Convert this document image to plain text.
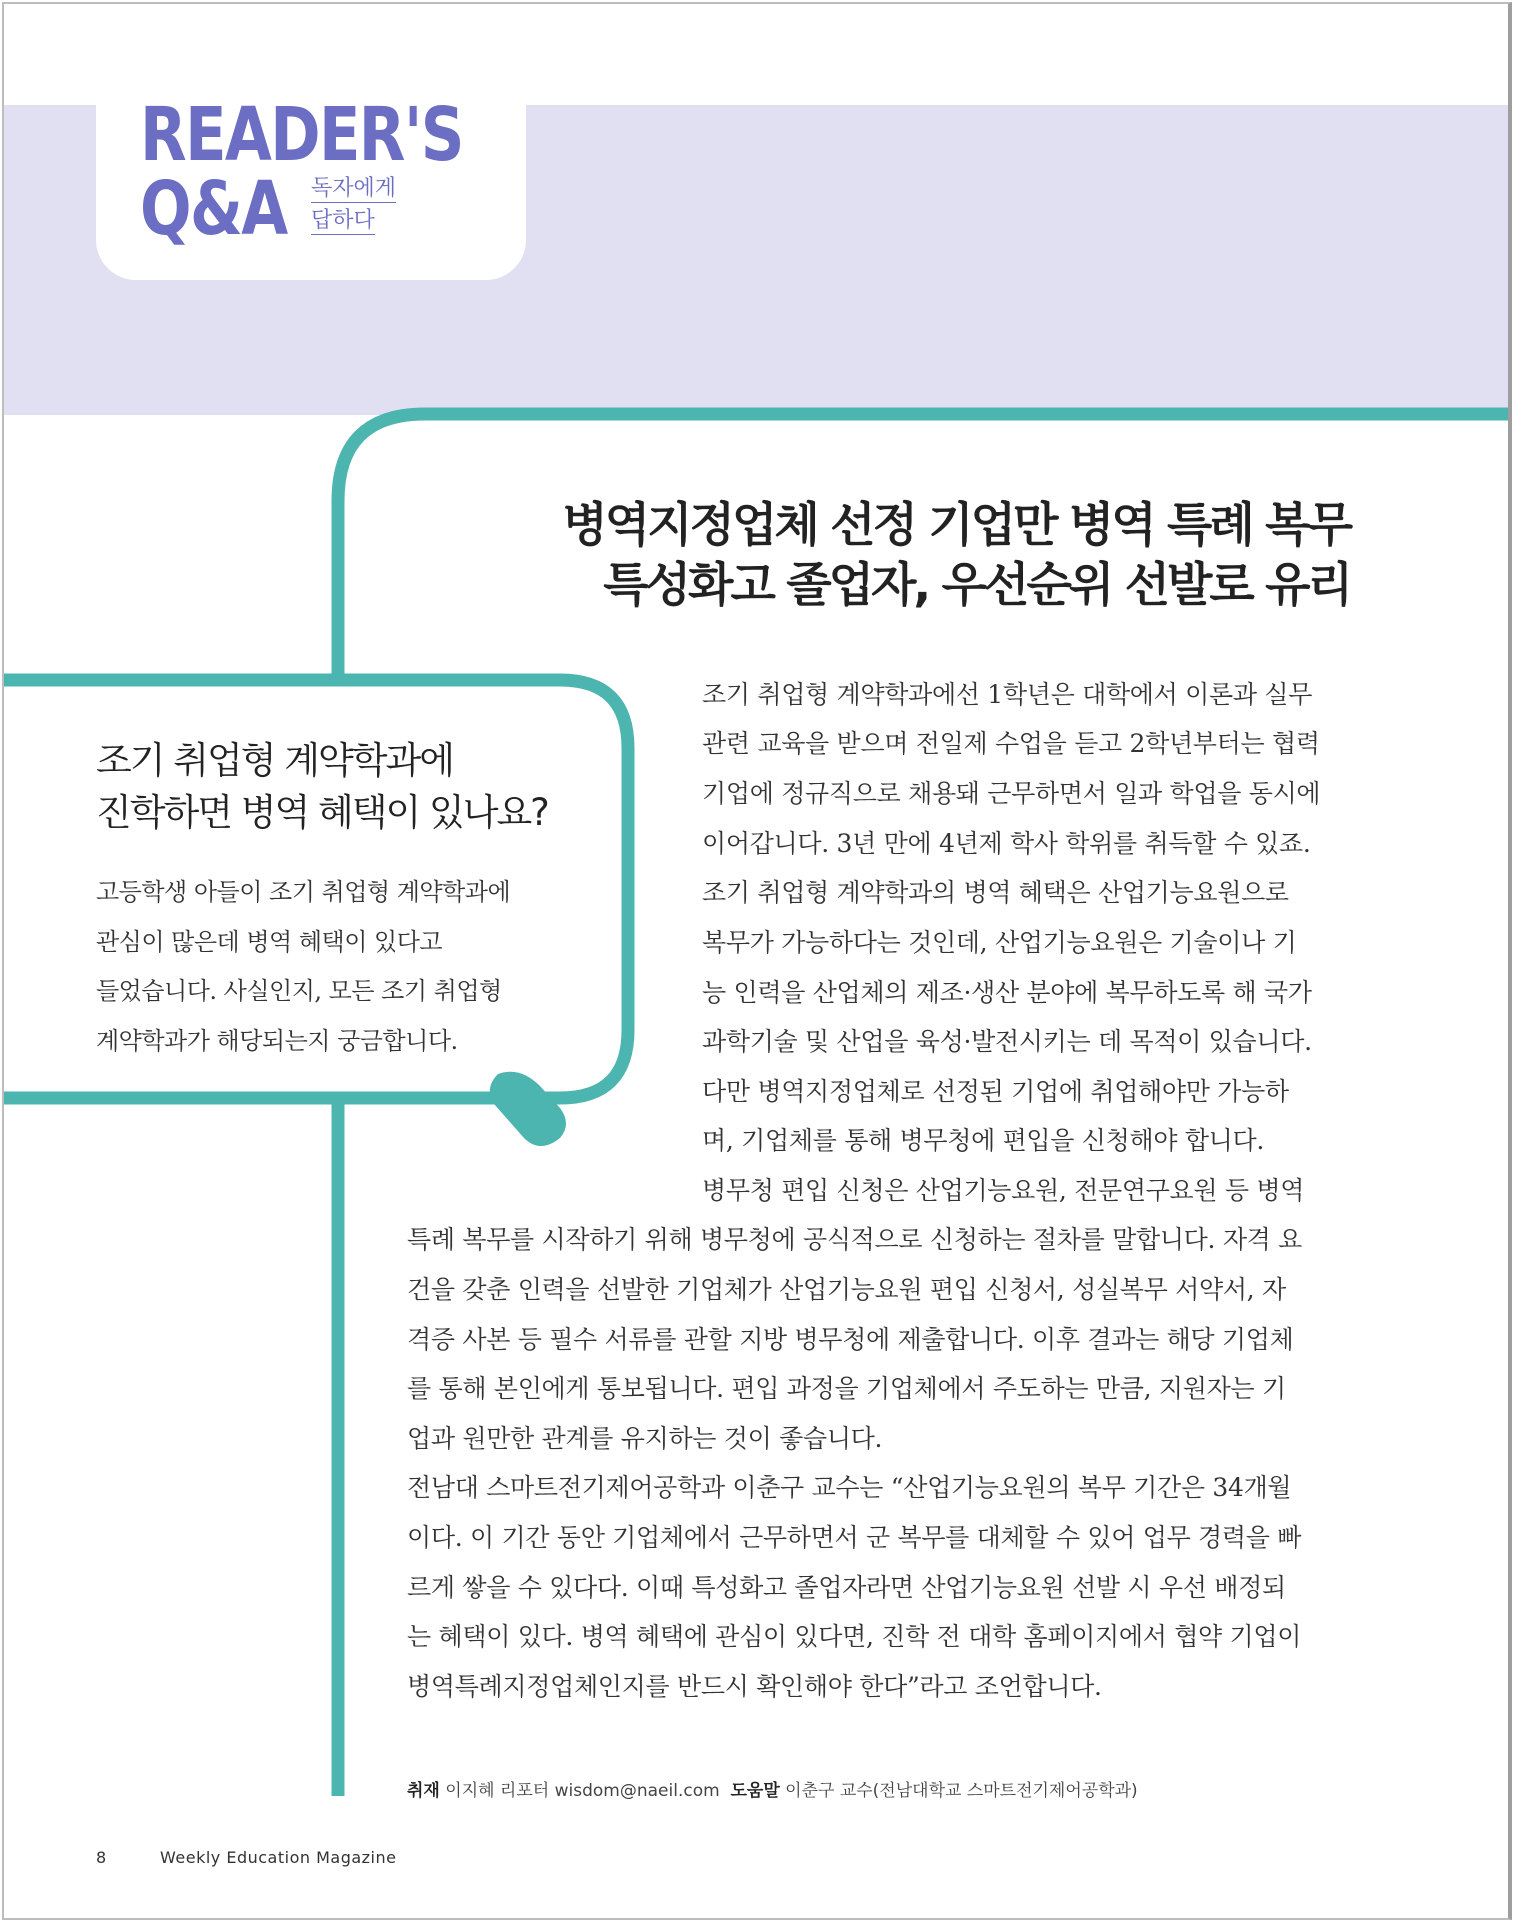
READER'S
Q&A 독자에게
답하다
병역지정업체 선정 기업만 병역 특례 복무
특성화고 졸업자, 우선순위 선발로 유리
조기 취업형 계약학과에
진학하면 병역 혜택이 있나요?
고등학생 아들이 조기 취업형 계약학과에
관심이 많은데 병역 혜택이 있다고
들었습니다. 사실인지, 모든 조기 취업형
계약학과가 해당되는지 궁금합니다.
조기 취업형 계약학과에선 1학년은 대학에서 이론과 실무
관련 교육을 받으며 전일제 수업을 듣고 2학년부터는 협력
기업에 정규직으로 채용돼 근무하면서 일과 학업을 동시에
이어갑니다. 3년 만에 4년제 학사 학위를 취득할 수 있죠.
조기 취업형 계약학과의 병역 혜택은 산업기능요원으로
복무가 가능하다는 것인데, 산업기능요원은 기술이나 기
능 인력을 산업체의 제조·생산 분야에 복무하도록 해 국가
과학기술 및 산업을 육성·발전시키는 데 목적이 있습니다.
다만 병역지정업체로 선정된 기업에 취업해야만 가능하
며, 기업체를 통해 병무청에 편입을 신청해야 합니다.
병무청 편입 신청은 산업기능요원, 전문연구요원 등 병역
특례 복무를 시작하기 위해 병무청에 공식적으로 신청하는 절차를 말합니다. 자격 요
건을 갖춘 인력을 선발한 기업체가 산업기능요원 편입 신청서, 성실복무 서약서, 자
격증 사본 등 필수 서류를 관할 지방 병무청에 제출합니다. 이후 결과는 해당 기업체
를 통해 본인에게 통보됩니다. 편입 과정을 기업체에서 주도하는 만큼, 지원자는 기
업과 원만한 관계를 유지하는 것이 좋습니다.
전남대 스마트전기제어공학과 이춘구 교수는 “산업기능요원의 복무 기간은 34개월
이다. 이 기간 동안 기업체에서 근무하면서 군 복무를 대체할 수 있어 업무 경력을 빠
르게 쌓을 수 있다다. 이때 특성화고 졸업자라면 산업기능요원 선발 시 우선 배정되
는 혜택이 있다. 병역 혜택에 관심이 있다면, 진학 전 대학 홈페이지에서 협약 기업이
병역특례지정업체인지를 반드시 확인해야 한다”라고 조언합니다.
취재 이지혜 리포터 wisdom@naeil.com 도움말 이춘구 교수(전남대학교 스마트전기제어공학과)
8	Weekly Education Magazine
